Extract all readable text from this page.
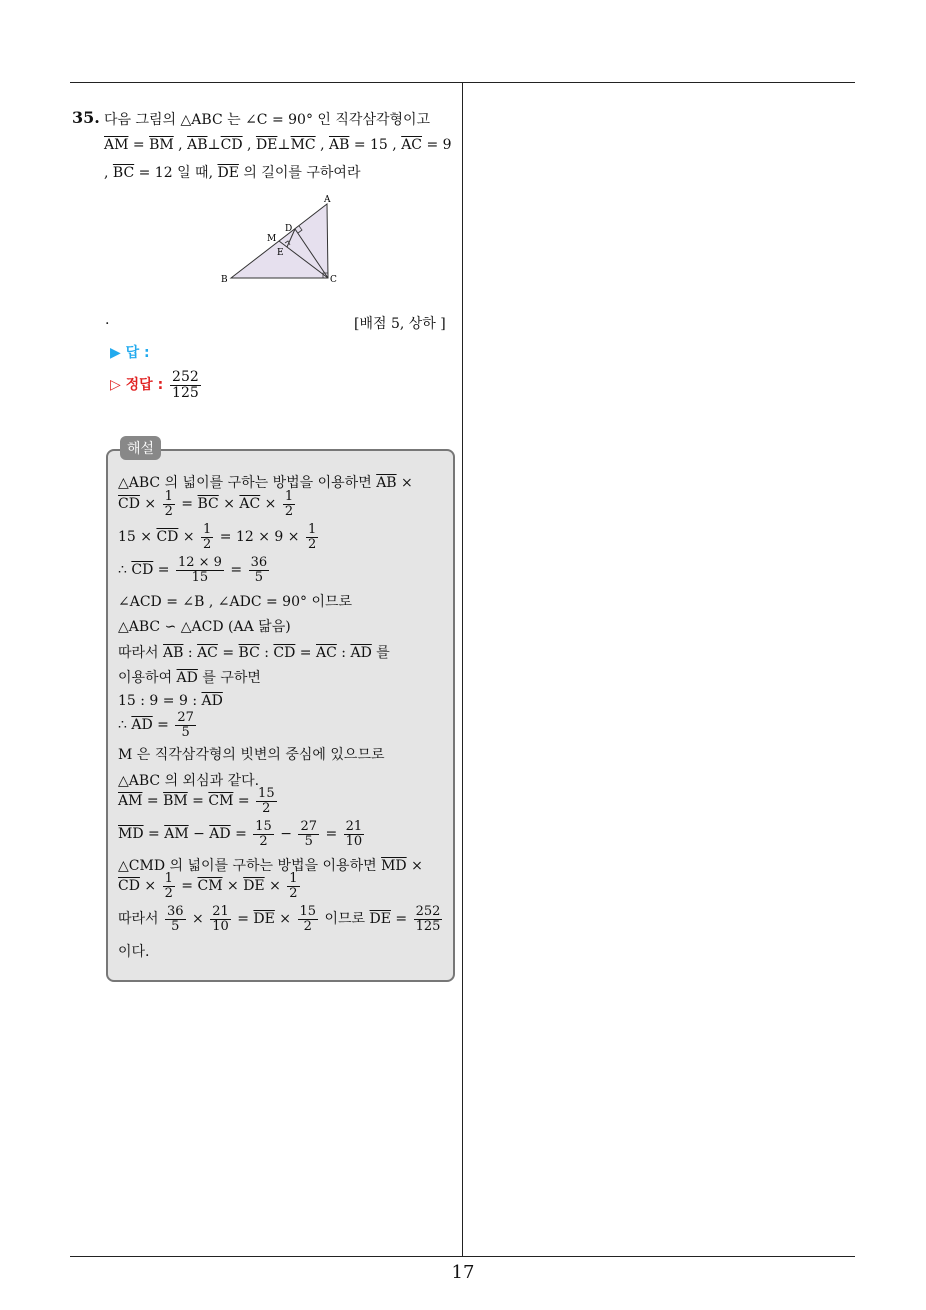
17
35. 다음 그림의 △ABC 는 ∠C = 90° 인 직각삼각형이고
$\overline{AM} = \overline{BM}$ , $\overline{AB}\perp\overline{CD}$ , $\overline{DE}\perp\overline{MC}$ , $\overline{AB} = 15$ , $\overline{AC} = 9$
, $\overline{BC} = 12$ 일 때, $\overline{DE}$ 의 길이를 구하여라
A
B	C
D
E
M
.	[배점 5, 상하 ]
▶ 답 :
▷ 정답 : $\frac{252}{125}$
해설
△ABC 의 넓이를 구하는 방법을 이용하면 $\overline{AB}$ ×
$\overline{CD} \times \frac{1}{2} = \overline{BC} \times \overline{AC} \times \frac{1}{2}$
$15 \times \overline{CD} \times \frac{1}{2} = 12 \times 9 \times \frac{1}{2}$
∴ $\overline{CD} = \frac{12 \times 9}{15} = \frac{36}{5}$
∠ACD = ∠B , ∠ADC = 90° 이므로
△ABC ∽ △ACD (AA 닮음)
따라서 $\overline{AB}$ : $\overline{AC} = \overline{BC}$ : $\overline{CD} = \overline{AC}$ : $\overline{AD}$ 를
이용하여 $\overline{AD}$ 를 구하면
15 : 9 = 9 : $\overline{AD}$
∴ $\overline{AD} = \frac{27}{5}$
M 은 직각삼각형의 빗변의 중심에 있으므로
△ABC 의 외심과 같다.
$\overline{AM} = \overline{BM} = \overline{CM} = \frac{15}{2}$
$\overline{MD} = \overline{AM} - \overline{AD} = \frac{15}{2} - \frac{27}{5} = \frac{21}{10}$
△CMD 의 넓이를 구하는 방법을 이용하면 $\overline{MD}$ ×
$\overline{CD} \times \frac{1}{2} = \overline{CM} \times \overline{DE} \times \frac{1}{2}$
따라서 $\frac{36}{5} \times \frac{21}{10} = \overline{DE} \times \frac{15}{2}$ 이므로 $\overline{DE} = \frac{252}{125}$
이다.
